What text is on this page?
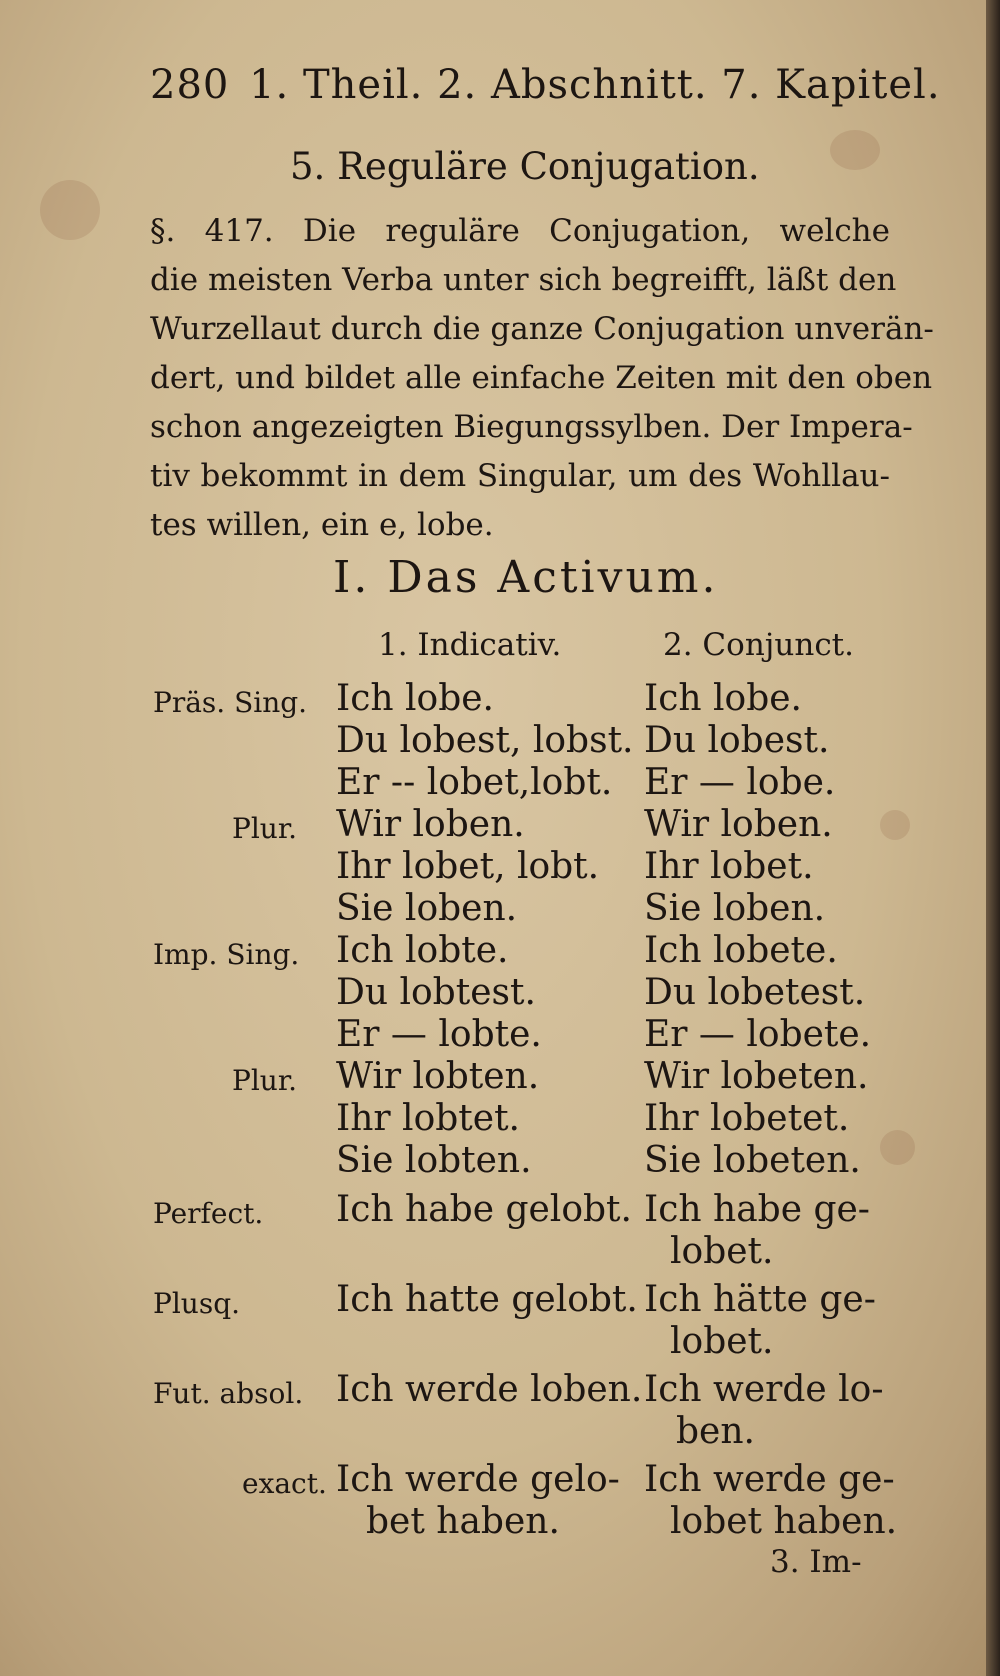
280 1. Theil. 2. Abschnitt. 7. Kapitel.
5. Reguläre Conjugation.

§. 417. Die reguläre Conjugation, welche
die meisten Verba unter sich begreifft, läßt den
Wurzellaut durch die ganze Conjugation unverän-
dert, und bildet alle einfache Zeiten mit den oben
schon angezeigten Biegungssylben. Der Impera-
tiv bekommt in dem Singular, um des Wohllau-
tes willen, ein e, lobe.

I. Das Activum.
1. Indicativ.	2. Conjunct.
Präs. Sing.
Plur.
Imp. Sing.
Plur.
Perfect.
Plusq.
Fut. absol.
exact.
Ich lobe.
Du lobest, lobst.
Er -- lobet,lobt.
Wir loben.
Ihr lobet, lobt.
Sie loben.
Ich lobte.
Du lobtest.
Er — lobte.
Wir lobten.
Ihr lobtet.
Sie lobten.
Ich habe gelobt.
Ich hatte gelobt.
Ich werde loben.
Ich werde gelo-
bet haben.
Ich lobe.
Du lobest.
Er — lobe.
Wir loben.
Ihr lobet.
Sie loben.
Ich lobete.
Du lobetest.
Er — lobete.
Wir lobeten.
Ihr lobetet.
Sie lobeten.
Ich habe ge-
lobet.
Ich hätte ge-
lobet.
Ich werde lo-
ben.
Ich werde ge-
lobet haben.
3. Im-
